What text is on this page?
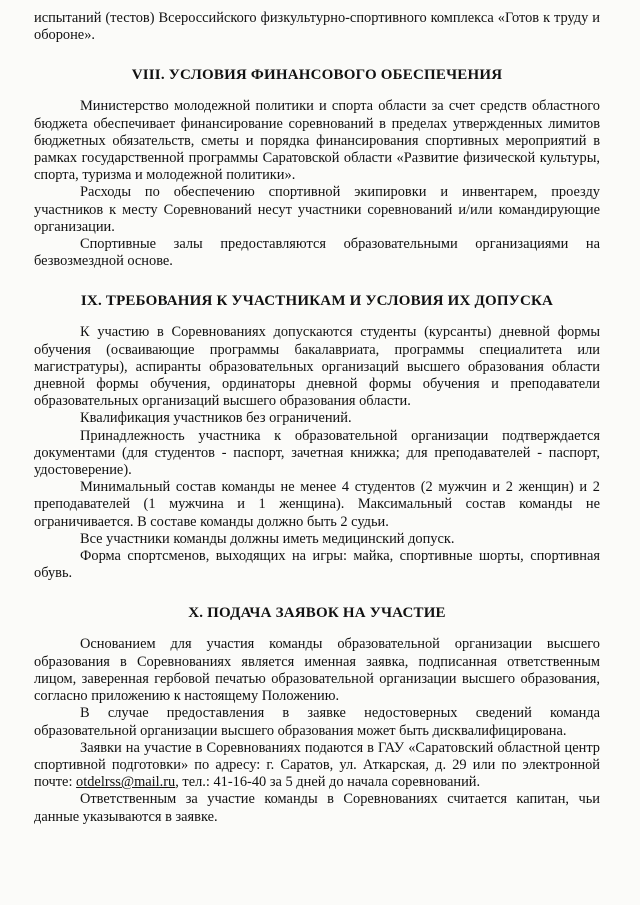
испытаний (тестов) Всероссийского физкультурно-спортивного комплекса «Готов к труду и обороне».

VIII. УСЛОВИЯ ФИНАНСОВОГО ОБЕСПЕЧЕНИЯ

Министерство молодежной политики и спорта области за счет средств областного бюджета обеспечивает финансирование соревнований в пределах утвержденных лимитов бюджетных обязательств, сметы и порядка финансирования спортивных мероприятий в рамках государственной программы Саратовской области «Развитие физической культуры, спорта, туризма и молодежной политики».

Расходы по обеспечению спортивной экипировки и инвентарем, проезду участников к месту Соревнований несут участники соревнований и/или командирующие организации.

Спортивные залы предоставляются образовательными организациями на безвозмездной основе.

IX. ТРЕБОВАНИЯ К УЧАСТНИКАМ И УСЛОВИЯ ИХ ДОПУСКА

К участию в Соревнованиях допускаются студенты (курсанты) дневной формы обучения (осваивающие программы бакалавриата, программы специалитета или магистратуры), аспиранты образовательных организаций высшего образования области дневной формы обучения, ординаторы дневной формы обучения и преподаватели образовательных организаций высшего образования области.

Квалификация участников без ограничений.

Принадлежность участника к образовательной организации подтверждается документами (для студентов - паспорт, зачетная книжка; для преподавателей - паспорт, удостоверение).

Минимальный состав команды не менее 4 студентов (2 мужчин и 2 женщин) и 2 преподавателей (1 мужчина и 1 женщина). Максимальный состав команды не ограничивается. В составе команды должно быть 2 судьи.

Все участники команды должны иметь медицинский допуск.

Форма спортсменов, выходящих на игры: майка, спортивные шорты, спортивная обувь.

X. ПОДАЧА ЗАЯВОК НА УЧАСТИЕ

Основанием для участия команды образовательной организации высшего образования в Соревнованиях является именная заявка, подписанная ответственным лицом, заверенная гербовой печатью образовательной организации высшего образования, согласно приложению к настоящему Положению.

В случае предоставления в заявке недостоверных сведений команда образовательной организации высшего образования может быть дисквалифицирована.

Заявки на участие в Соревнованиях подаются в ГАУ «Саратовский областной центр спортивной подготовки» по адресу: г. Саратов, ул. Аткарская, д. 29 или по электронной почте: otdelrss@mail.ru, тел.: 41-16-40 за 5 дней до начала соревнований.

Ответственным за участие команды в Соревнованиях считается капитан, чьи данные указываются в заявке.
